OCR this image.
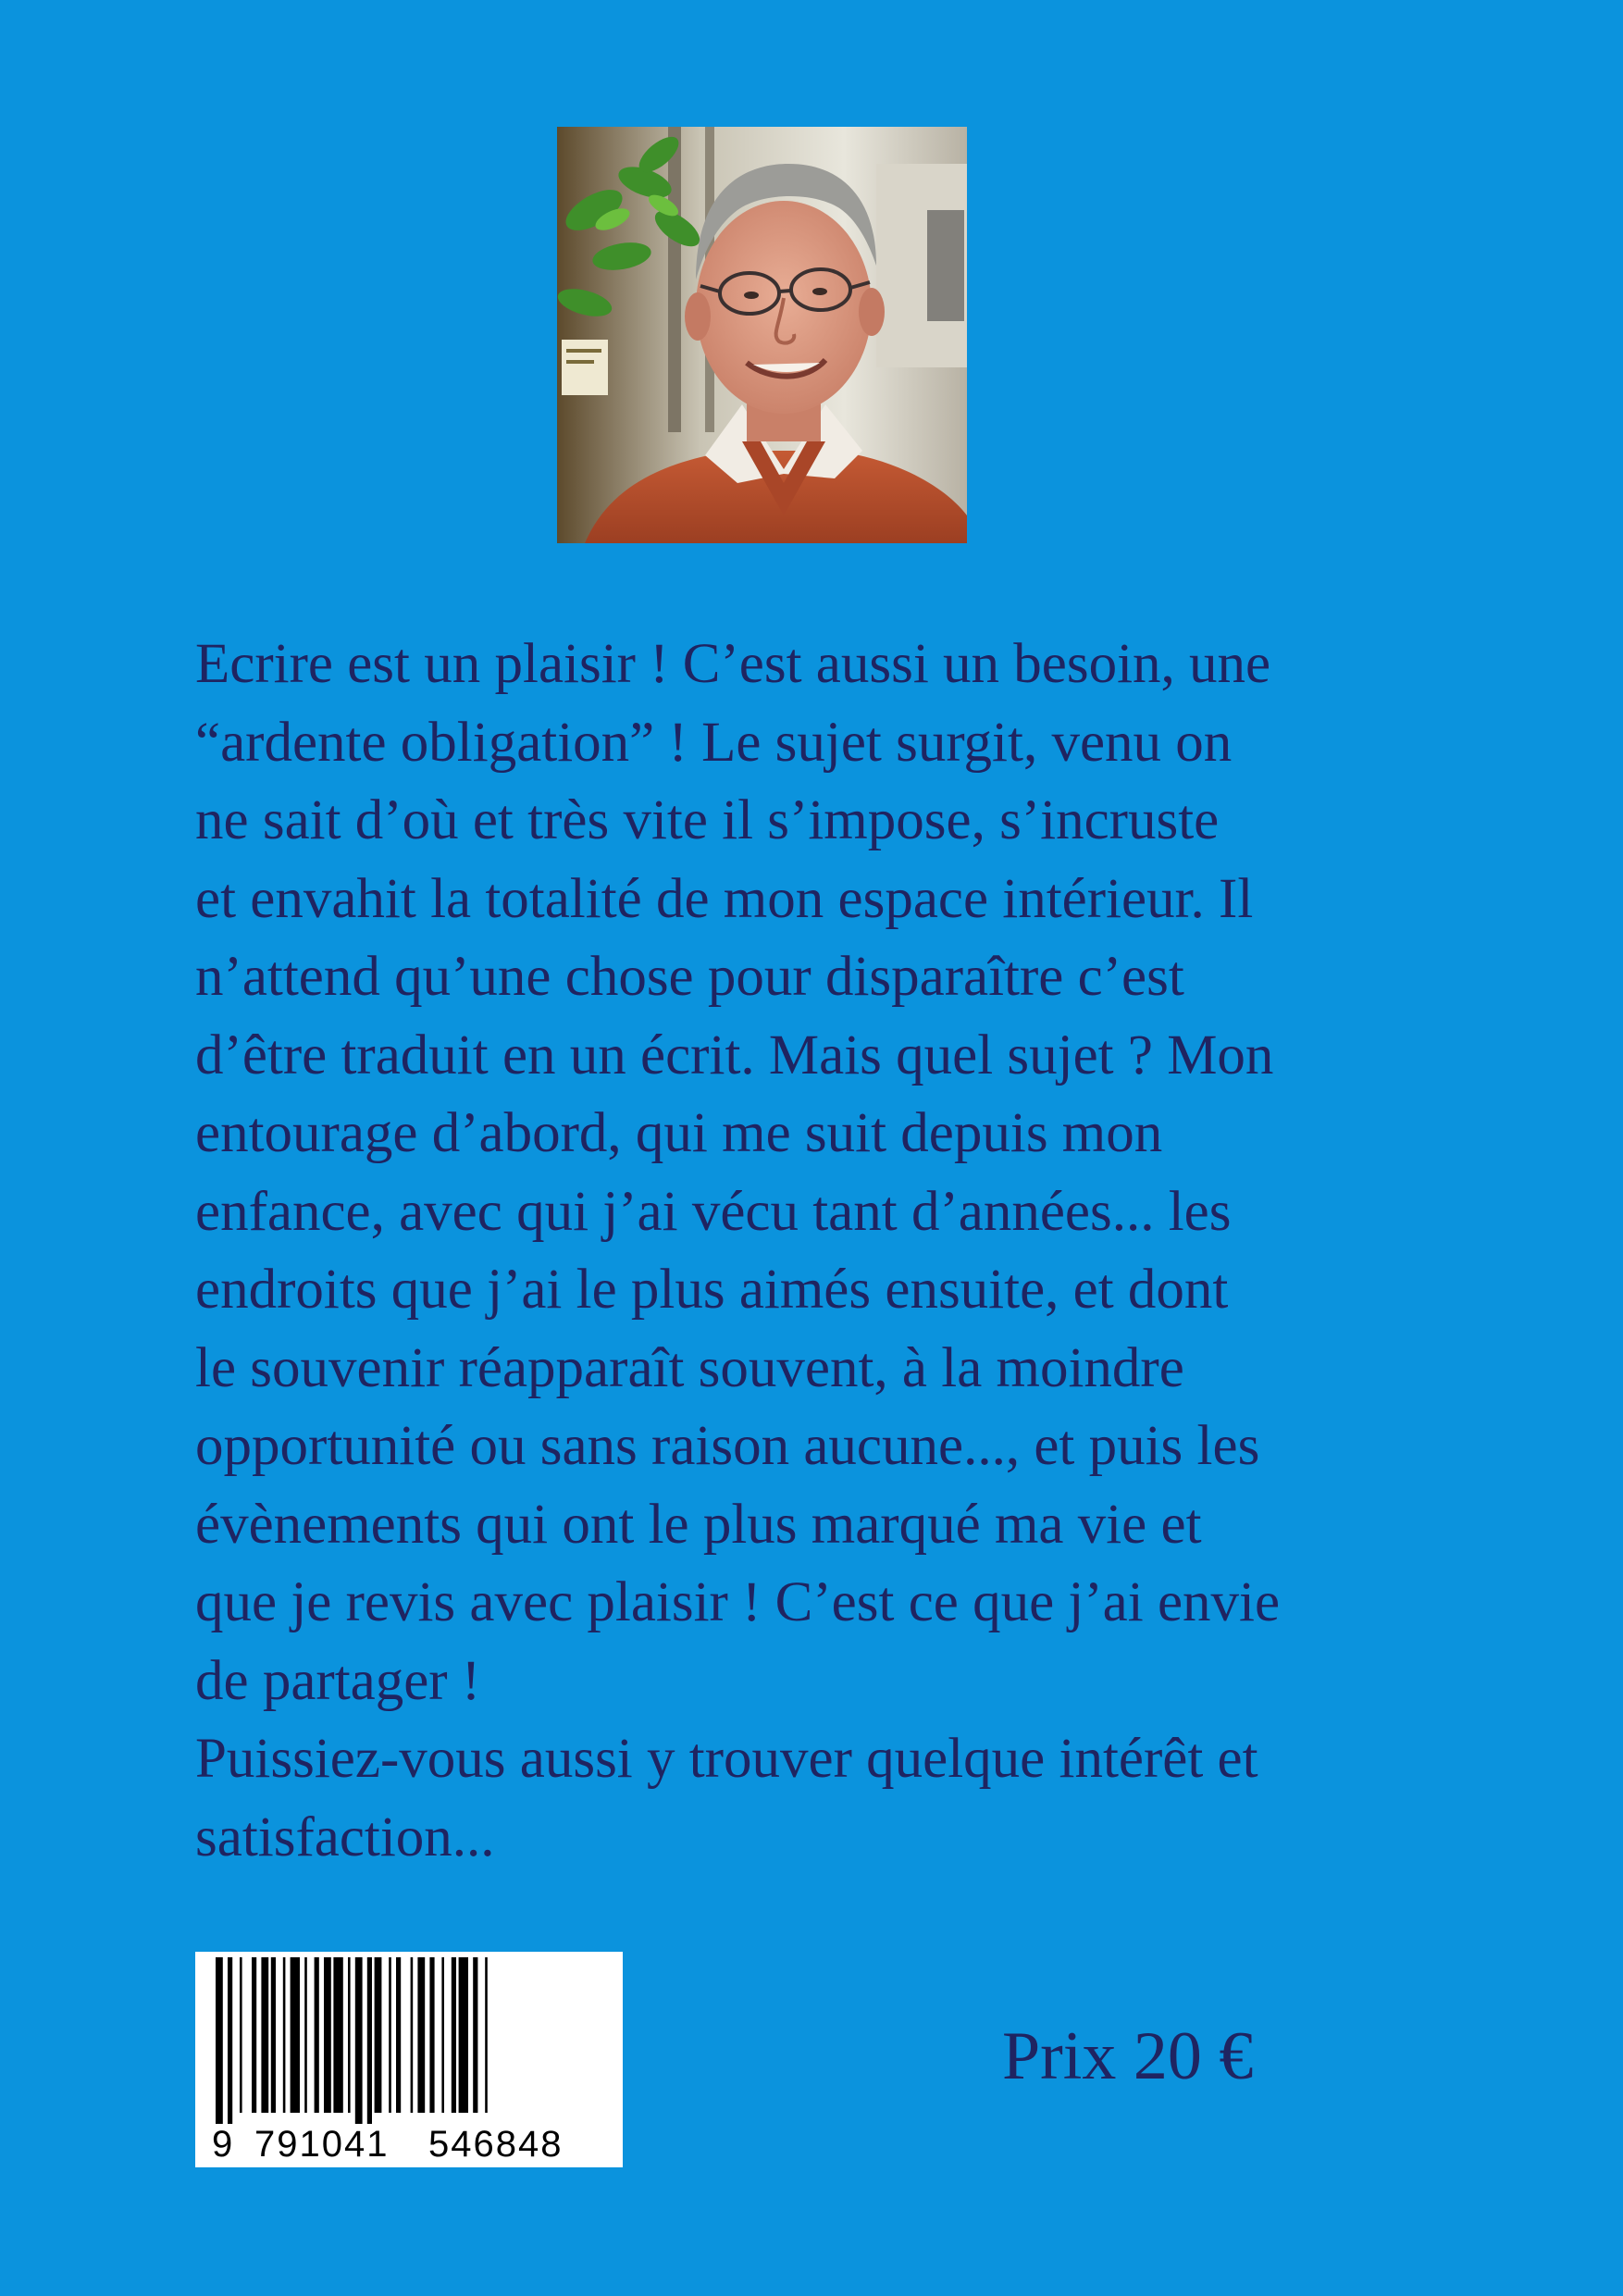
Ecrire est un plaisir ! C’est aussi un besoin, une
“ardente obligation” ! Le sujet surgit, venu on
ne sait d’où et très vite il s’impose, s’incruste
et envahit la totalité de mon espace intérieur. Il
n’attend qu’une chose pour disparaître c’est
d’être traduit en un écrit. Mais quel sujet ? Mon
entourage d’abord, qui me suit depuis mon
enfance, avec qui j’ai vécu tant d’années... les
endroits que j’ai le plus aimés ensuite, et dont
le souvenir réapparaît souvent, à la moindre
opportunité ou sans raison aucune..., et puis les
évènements qui ont le plus marqué ma vie et
que je revis avec plaisir ! C’est ce que j’ai envie
de partager !
Puissiez-vous aussi y trouver quelque intérêt et
satisfaction...
9 791041 546848
Prix 20 €
